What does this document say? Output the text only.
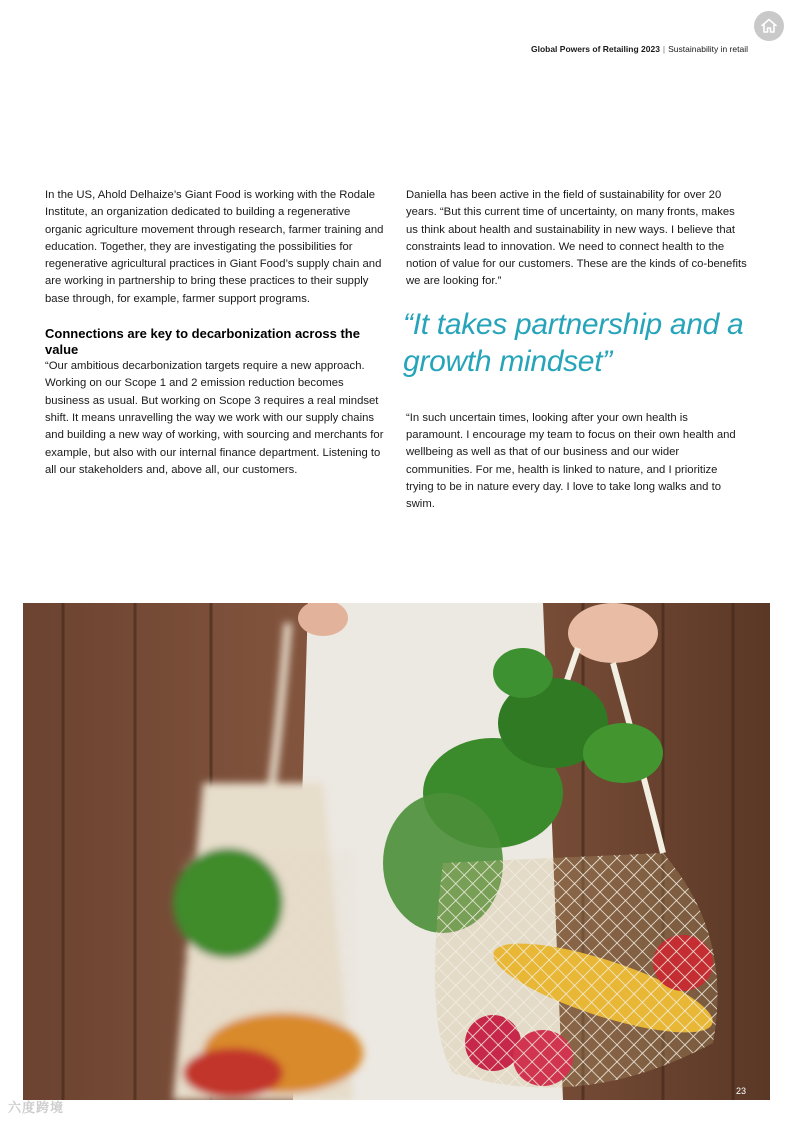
Global Powers of Retailing 2023 | Sustainability in retail

In the US, Ahold Delhaize’s Giant Food is working with the Rodale Institute, an organization dedicated to building a regenerative organic agriculture movement through research, farmer training and education. Together, they are investigating the possibilities for regenerative agricultural practices in Giant Food’s supply chain and are working in partnership to bring these practices to their supply base through, for example, farmer support programs.

Connections are key to decarbonization across the value

“Our ambitious decarbonization targets require a new approach. Working on our Scope 1 and 2 emission reduction becomes business as usual. But working on Scope 3 requires a real mindset shift. It means unravelling the way we work with our supply chains and building a new way of working, with sourcing and merchants for example, but also with our internal finance department. Listening to all our stakeholders and, above all, our customers.

Daniella has been active in the field of sustainability for over 20 years. “But this current time of uncertainty, on many fronts, makes us think about health and sustainability in new ways. I believe that constraints lead to innovation. We need to connect health to the notion of value for our customers. These are the kinds of co-benefits we are looking for.”

“It takes partnership and a growth mindset”

“In such uncertain times, looking after your own health is paramount. I encourage my team to focus on their own health and wellbeing as well as that of our business and our wider communities. For me, health is linked to nature, and I prioritize trying to be in nature every day. I love to take long walks and to swim.

23
六度跨境
